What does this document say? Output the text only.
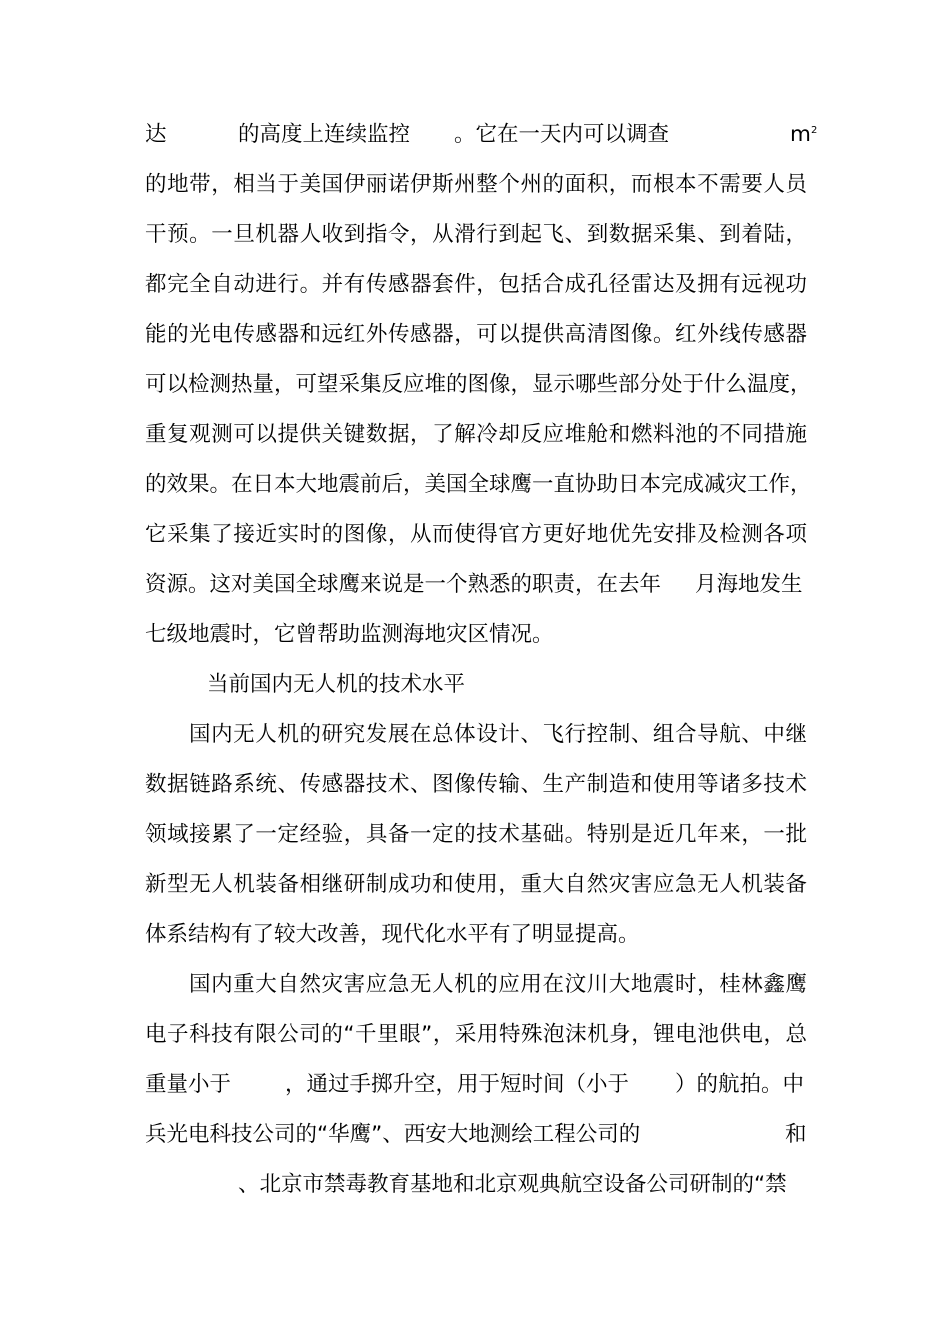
达	的高度上连续监控 。它在一天内可以调查	$m^2$
的地带，相当于美国伊丽诺伊斯州整个州的面积，而根本不需要人员
干预。一旦机器人收到指令，从滑行到起飞、到数据采集、到着陆，
都完全自动进行。并有传感器套件，包括合成孔径雷达及拥有远视功
能的光电传感器和远红外传感器，可以提供高清图像。红外线传感器
可以检测热量，可望采集反应堆的图像，显示哪些部分处于什么温度，
重复观测可以提供关键数据，了解冷却反应堆舱和燃料池的不同措施
的效果。在日本大地震前后，美国全球鹰一直协助日本完成减灾工作，
它采集了接近实时的图像，从而使得官方更好地优先安排及检测各项
资源。这对美国全球鹰来说是一个熟悉的职责，在去年 月海地发生
七级地震时，它曾帮助监测海地灾区情况。
当前国内无人机的技术水平
国内无人机的研究发展在总体设计、飞行控制、组合导航、中继
数据链路系统、传感器技术、图像传输、生产制造和使用等诸多技术
领域接累了一定经验，具备一定的技术基础。特别是近几年来，一批
新型无人机装备相继研制成功和使用，重大自然灾害应急无人机装备
体系结构有了较大改善，现代化水平有了明显提高。
国内重大自然灾害应急无人机的应用在汶川大地震时，桂林鑫鹰
电子科技有限公司的“千里眼”，采用特殊泡沫机身，锂电池供电，总
重量小于	，通过手掷升空，用于短时间（小于 ）的航拍。中
兵光电科技公司的“华鹰”、西安大地测绘工程公司的	和
、北京市禁毒教育基地和北京观典航空设备公司研制的“禁
